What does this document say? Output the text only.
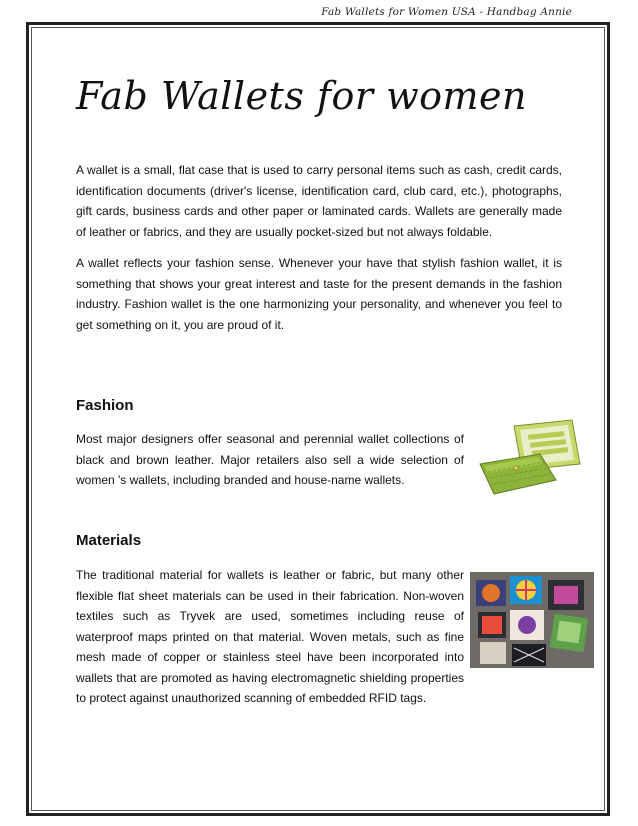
Fab Wallets for Women USA - Handbag Annie
Fab Wallets for women

A wallet is a small, flat case that is used to carry personal items such as cash, credit cards, identification documents (driver's license, identification card, club card, etc.), photographs, gift cards, business cards and other paper or laminated cards. Wallets are generally made of leather or fabrics, and they are usually pocket-sized but not always foldable.

A wallet reflects your fashion sense. Whenever your have that stylish fashion wallet, it is something that shows your great interest and taste for the present demands in the fashion industry. Fashion wallet is the one harmonizing your personality, and whenever you feel to get something on it, you are proud of it.

Fashion

Most major designers offer seasonal and perennial wallet collections of black and brown leather. Major retailers also sell a wide selection of women 's wallets, including branded and house-name wallets.

Materials

The traditional material for wallets is leather or fabric, but many other flexible flat sheet materials can be used in their fabrication. Non-woven textiles such as Tryvek are used, sometimes including reuse of waterproof maps printed on that material. Woven metals, such as fine mesh made of copper or stainless steel have been incorporated into wallets that are promoted as having electromagnetic shielding properties to protect against unauthorized scanning of embedded RFID tags.
